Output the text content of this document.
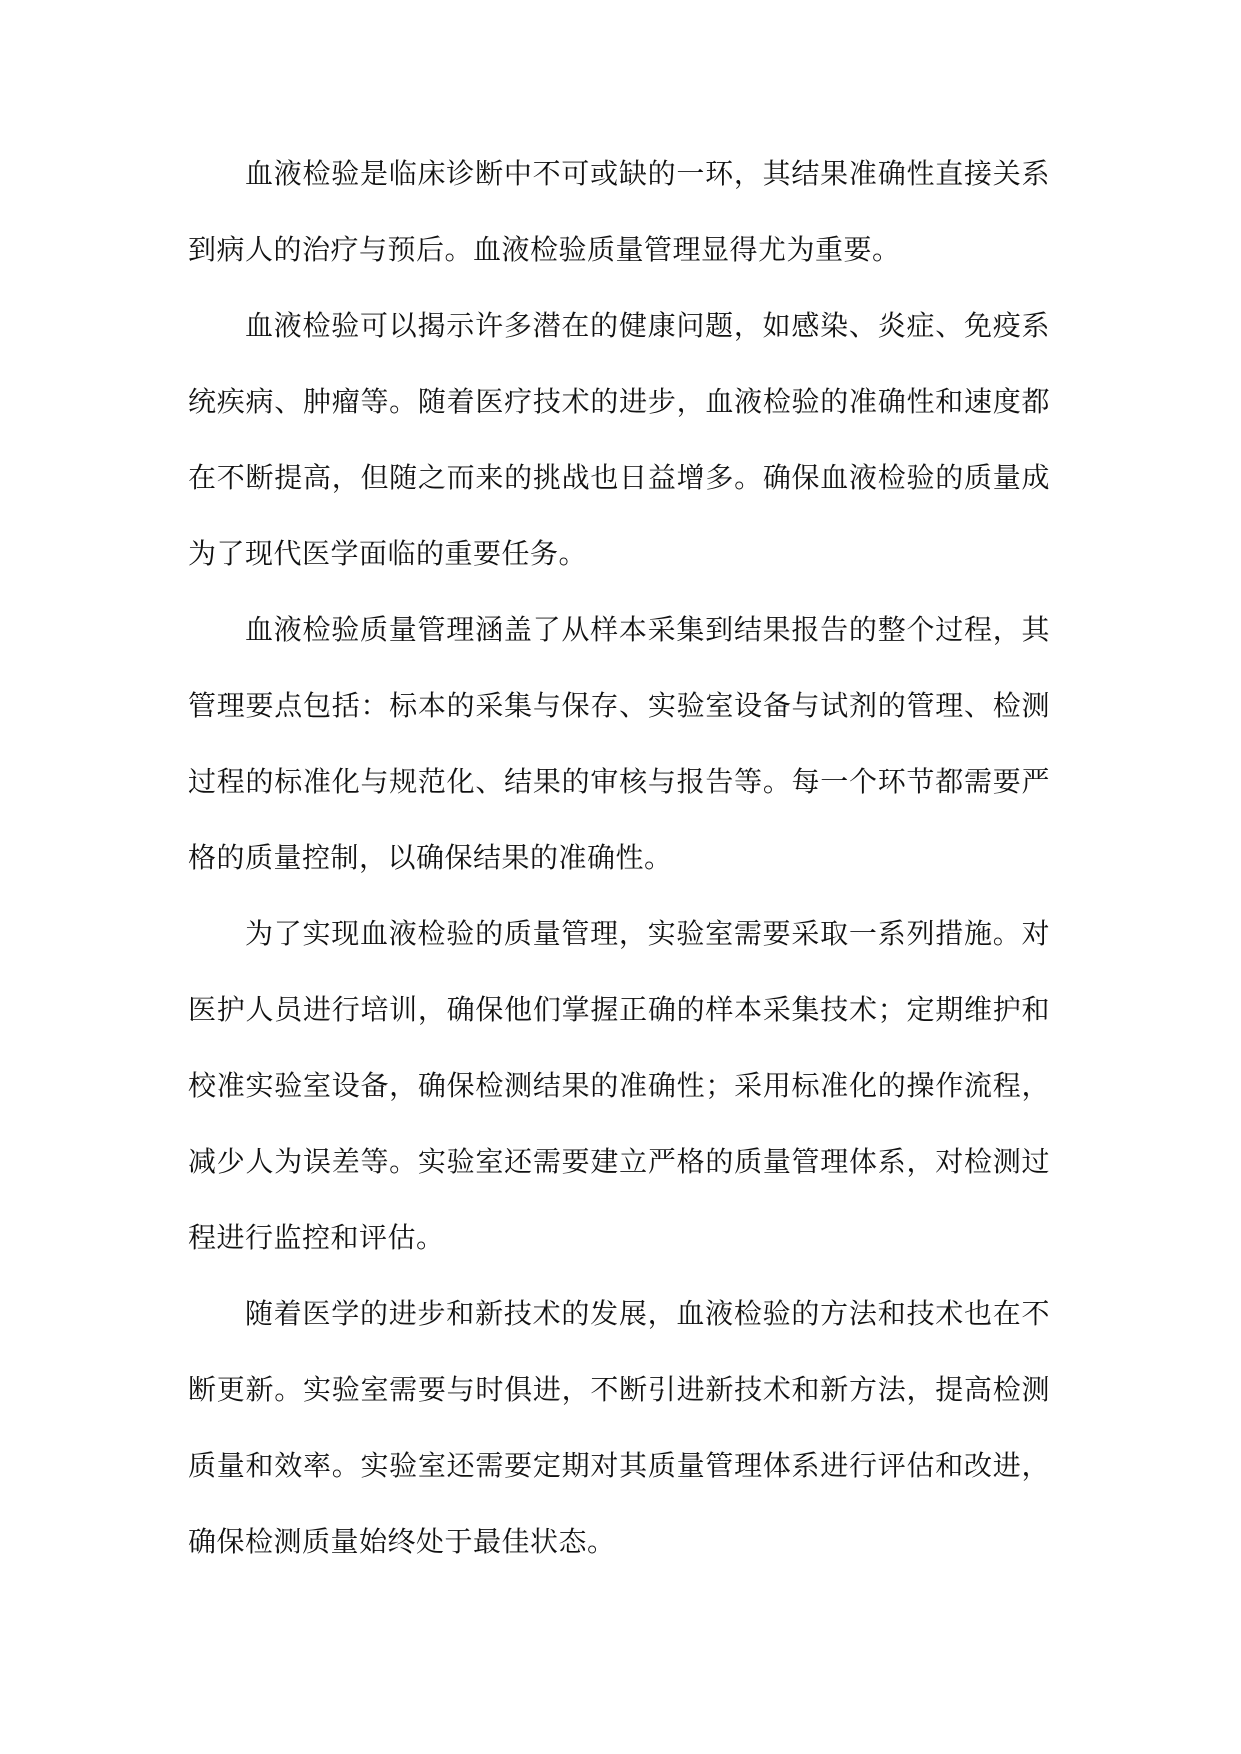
血液检验是临床诊断中不可或缺的一环，其结果准确性直接关系到病人的治疗与预后。血液检验质量管理显得尤为重要。

血液检验可以揭示许多潜在的健康问题，如感染、炎症、免疫系统疾病、肿瘤等。随着医疗技术的进步，血液检验的准确性和速度都在不断提高，但随之而来的挑战也日益增多。确保血液检验的质量成为了现代医学面临的重要任务。

血液检验质量管理涵盖了从样本采集到结果报告的整个过程，其管理要点包括：标本的采集与保存、实验室设备与试剂的管理、检测过程的标准化与规范化、结果的审核与报告等。每一个环节都需要严格的质量控制，以确保结果的准确性。

为了实现血液检验的质量管理，实验室需要采取一系列措施。对医护人员进行培训，确保他们掌握正确的样本采集技术；定期维护和校准实验室设备，确保检测结果的准确性；采用标准化的操作流程，减少人为误差等。实验室还需要建立严格的质量管理体系，对检测过程进行监控和评估。

随着医学的进步和新技术的发展，血液检验的方法和技术也在不断更新。实验室需要与时俱进，不断引进新技术和新方法，提高检测质量和效率。实验室还需要定期对其质量管理体系进行评估和改进，确保检测质量始终处于最佳状态。
